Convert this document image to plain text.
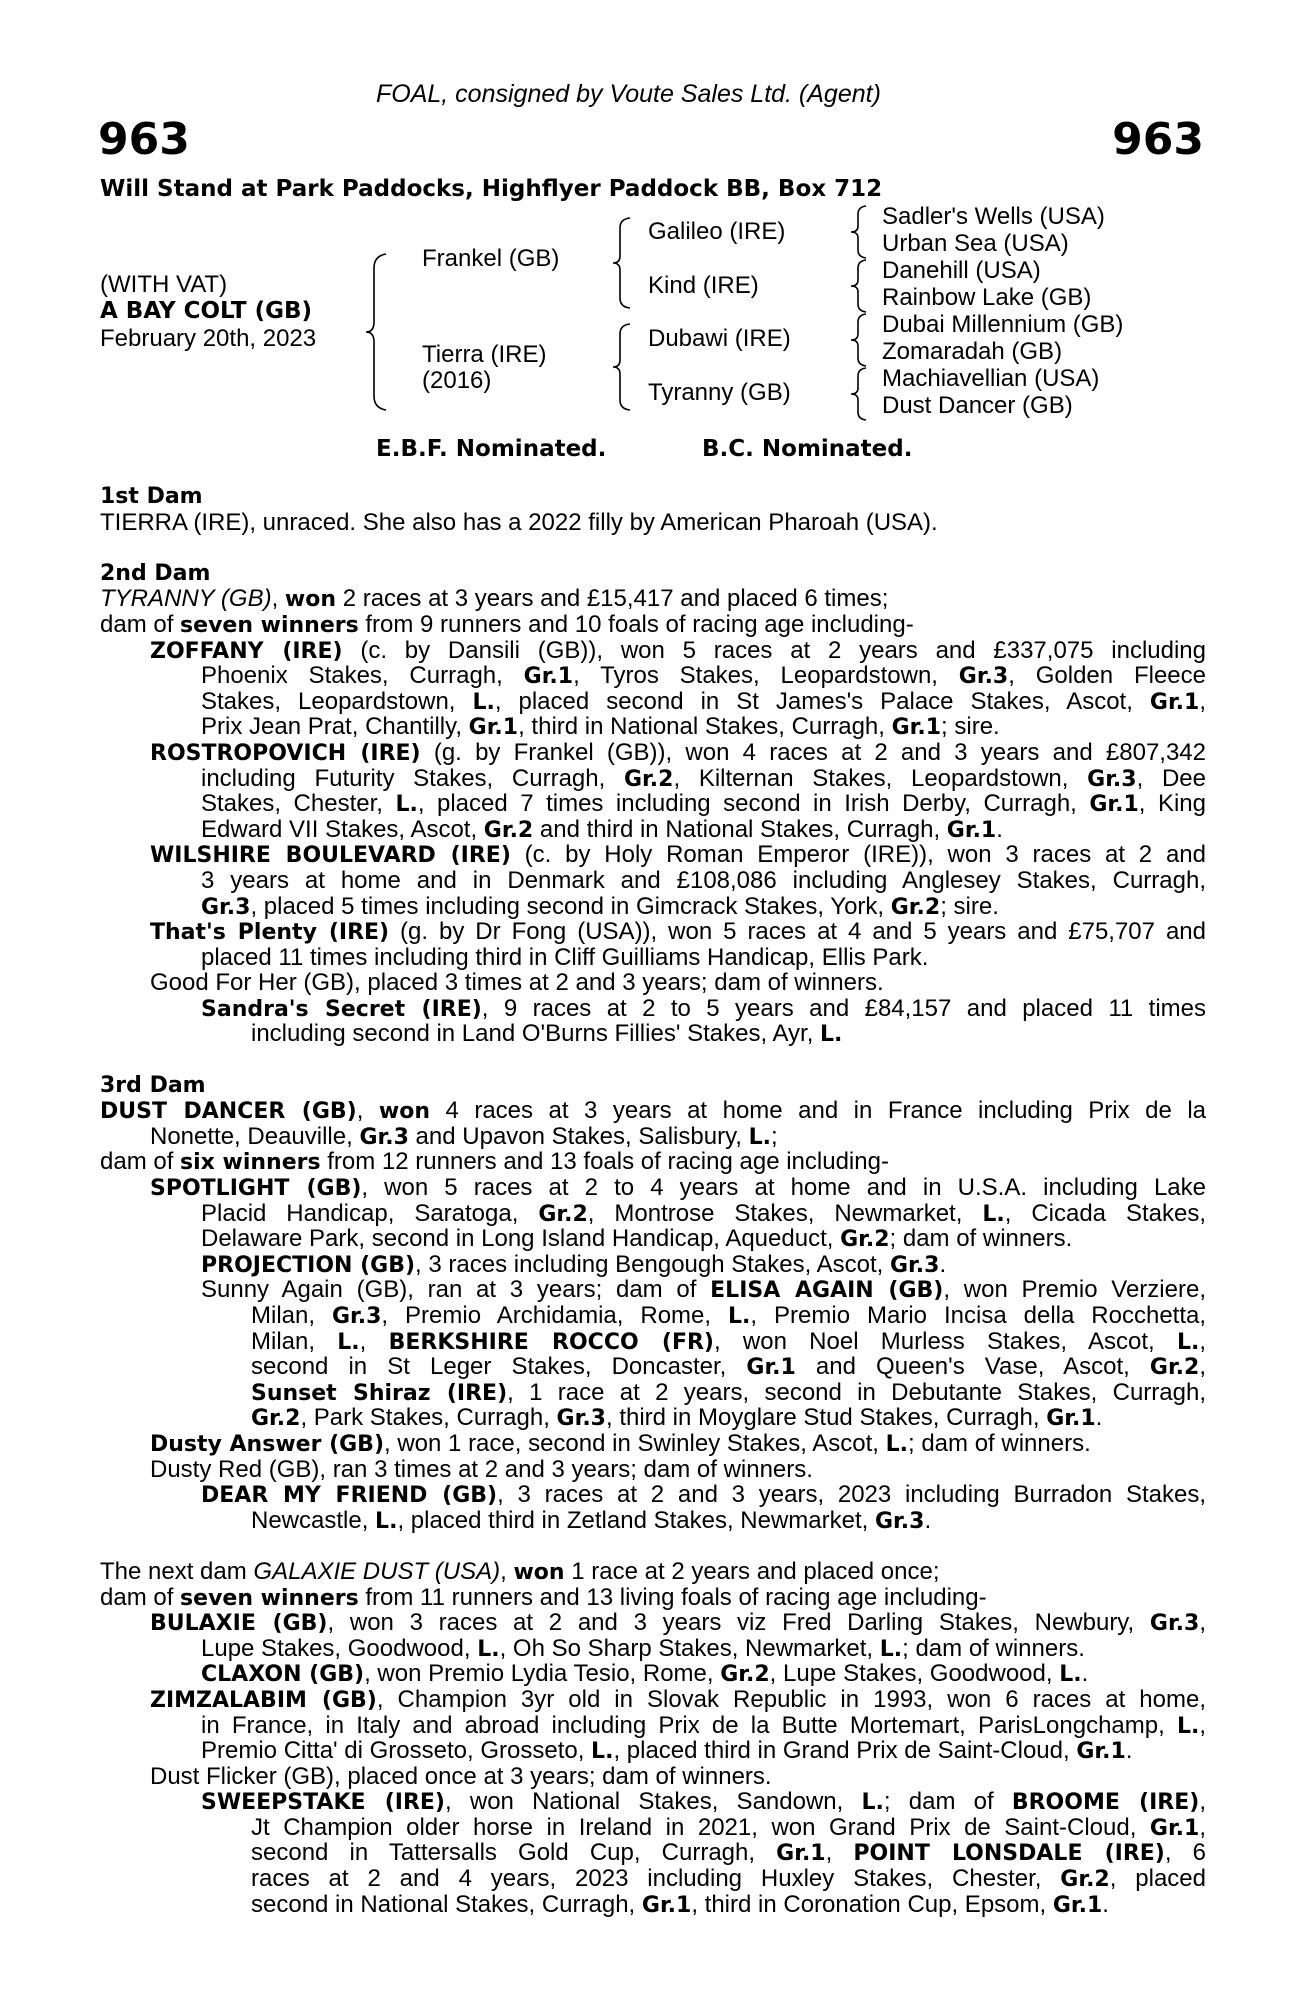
FOAL, consigned by Voute Sales Ltd. (Agent)
963	963
Will Stand at Park Paddocks, Highflyer Paddock BB, Box 712
(WITH VAT)
A BAY COLT (GB)
February 20th, 2023
Frankel (GB)
Tierra (IRE)
(2016)
Galileo (IRE)
Kind (IRE)
Dubawi (IRE)
Tyranny (GB)
Sadler's Wells (USA)
Urban Sea (USA)
Danehill (USA)
Rainbow Lake (GB)
Dubai Millennium (GB)
Zomaradah (GB)
Machiavellian (USA)
Dust Dancer (GB)
E.B.F. Nominated.	B.C. Nominated.
1st Dam
TIERRA (IRE), unraced. She also has a 2022 filly by American Pharoah (USA).
2nd Dam
TYRANNY (GB), won 2 races at 3 years and £15,417 and placed 6 times;
dam of seven winners from 9 runners and 10 foals of racing age including-
ZOFFANY (IRE) (c. by Dansili (GB)), won 5 races at 2 years and £337,075 including
Phoenix Stakes, Curragh, Gr.1, Tyros Stakes, Leopardstown, Gr.3, Golden Fleece
Stakes, Leopardstown, L., placed second in St James's Palace Stakes, Ascot, Gr.1,
Prix Jean Prat, Chantilly, Gr.1, third in National Stakes, Curragh, Gr.1; sire.
ROSTROPOVICH (IRE) (g. by Frankel (GB)), won 4 races at 2 and 3 years and £807,342
including Futurity Stakes, Curragh, Gr.2, Kilternan Stakes, Leopardstown, Gr.3, Dee
Stakes, Chester, L., placed 7 times including second in Irish Derby, Curragh, Gr.1, King
Edward VII Stakes, Ascot, Gr.2 and third in National Stakes, Curragh, Gr.1.
WILSHIRE BOULEVARD (IRE) (c. by Holy Roman Emperor (IRE)), won 3 races at 2 and
3 years at home and in Denmark and £108,086 including Anglesey Stakes, Curragh,
Gr.3, placed 5 times including second in Gimcrack Stakes, York, Gr.2; sire.
That's Plenty (IRE) (g. by Dr Fong (USA)), won 5 races at 4 and 5 years and £75,707 and
placed 11 times including third in Cliff Guilliams Handicap, Ellis Park.
Good For Her (GB), placed 3 times at 2 and 3 years; dam of winners.
Sandra's Secret (IRE), 9 races at 2 to 5 years and £84,157 and placed 11 times
including second in Land O'Burns Fillies' Stakes, Ayr, L.
3rd Dam
DUST DANCER (GB), won 4 races at 3 years at home and in France including Prix de la
Nonette, Deauville, Gr.3 and Upavon Stakes, Salisbury, L.;
dam of six winners from 12 runners and 13 foals of racing age including-
SPOTLIGHT (GB), won 5 races at 2 to 4 years at home and in U.S.A. including Lake
Placid Handicap, Saratoga, Gr.2, Montrose Stakes, Newmarket, L., Cicada Stakes,
Delaware Park, second in Long Island Handicap, Aqueduct, Gr.2; dam of winners.
PROJECTION (GB), 3 races including Bengough Stakes, Ascot, Gr.3.
Sunny Again (GB), ran at 3 years; dam of ELISA AGAIN (GB), won Premio Verziere,
Milan, Gr.3, Premio Archidamia, Rome, L., Premio Mario Incisa della Rocchetta,
Milan, L., BERKSHIRE ROCCO (FR), won Noel Murless Stakes, Ascot, L.,
second in St Leger Stakes, Doncaster, Gr.1 and Queen's Vase, Ascot, Gr.2,
Sunset Shiraz (IRE), 1 race at 2 years, second in Debutante Stakes, Curragh,
Gr.2, Park Stakes, Curragh, Gr.3, third in Moyglare Stud Stakes, Curragh, Gr.1.
Dusty Answer (GB), won 1 race, second in Swinley Stakes, Ascot, L.; dam of winners.
Dusty Red (GB), ran 3 times at 2 and 3 years; dam of winners.
DEAR MY FRIEND (GB), 3 races at 2 and 3 years, 2023 including Burradon Stakes,
Newcastle, L., placed third in Zetland Stakes, Newmarket, Gr.3.
The next dam GALAXIE DUST (USA), won 1 race at 2 years and placed once;
dam of seven winners from 11 runners and 13 living foals of racing age including-
BULAXIE (GB), won 3 races at 2 and 3 years viz Fred Darling Stakes, Newbury, Gr.3,
Lupe Stakes, Goodwood, L., Oh So Sharp Stakes, Newmarket, L.; dam of winners.
CLAXON (GB), won Premio Lydia Tesio, Rome, Gr.2, Lupe Stakes, Goodwood, L..
ZIMZALABIM (GB), Champion 3yr old in Slovak Republic in 1993, won 6 races at home,
in France, in Italy and abroad including Prix de la Butte Mortemart, ParisLongchamp, L.,
Premio Citta' di Grosseto, Grosseto, L., placed third in Grand Prix de Saint-Cloud, Gr.1.
Dust Flicker (GB), placed once at 3 years; dam of winners.
SWEEPSTAKE (IRE), won National Stakes, Sandown, L.; dam of BROOME (IRE),
Jt Champion older horse in Ireland in 2021, won Grand Prix de Saint-Cloud, Gr.1,
second in Tattersalls Gold Cup, Curragh, Gr.1, POINT LONSDALE (IRE), 6
races at 2 and 4 years, 2023 including Huxley Stakes, Chester, Gr.2, placed
second in National Stakes, Curragh, Gr.1, third in Coronation Cup, Epsom, Gr.1.
